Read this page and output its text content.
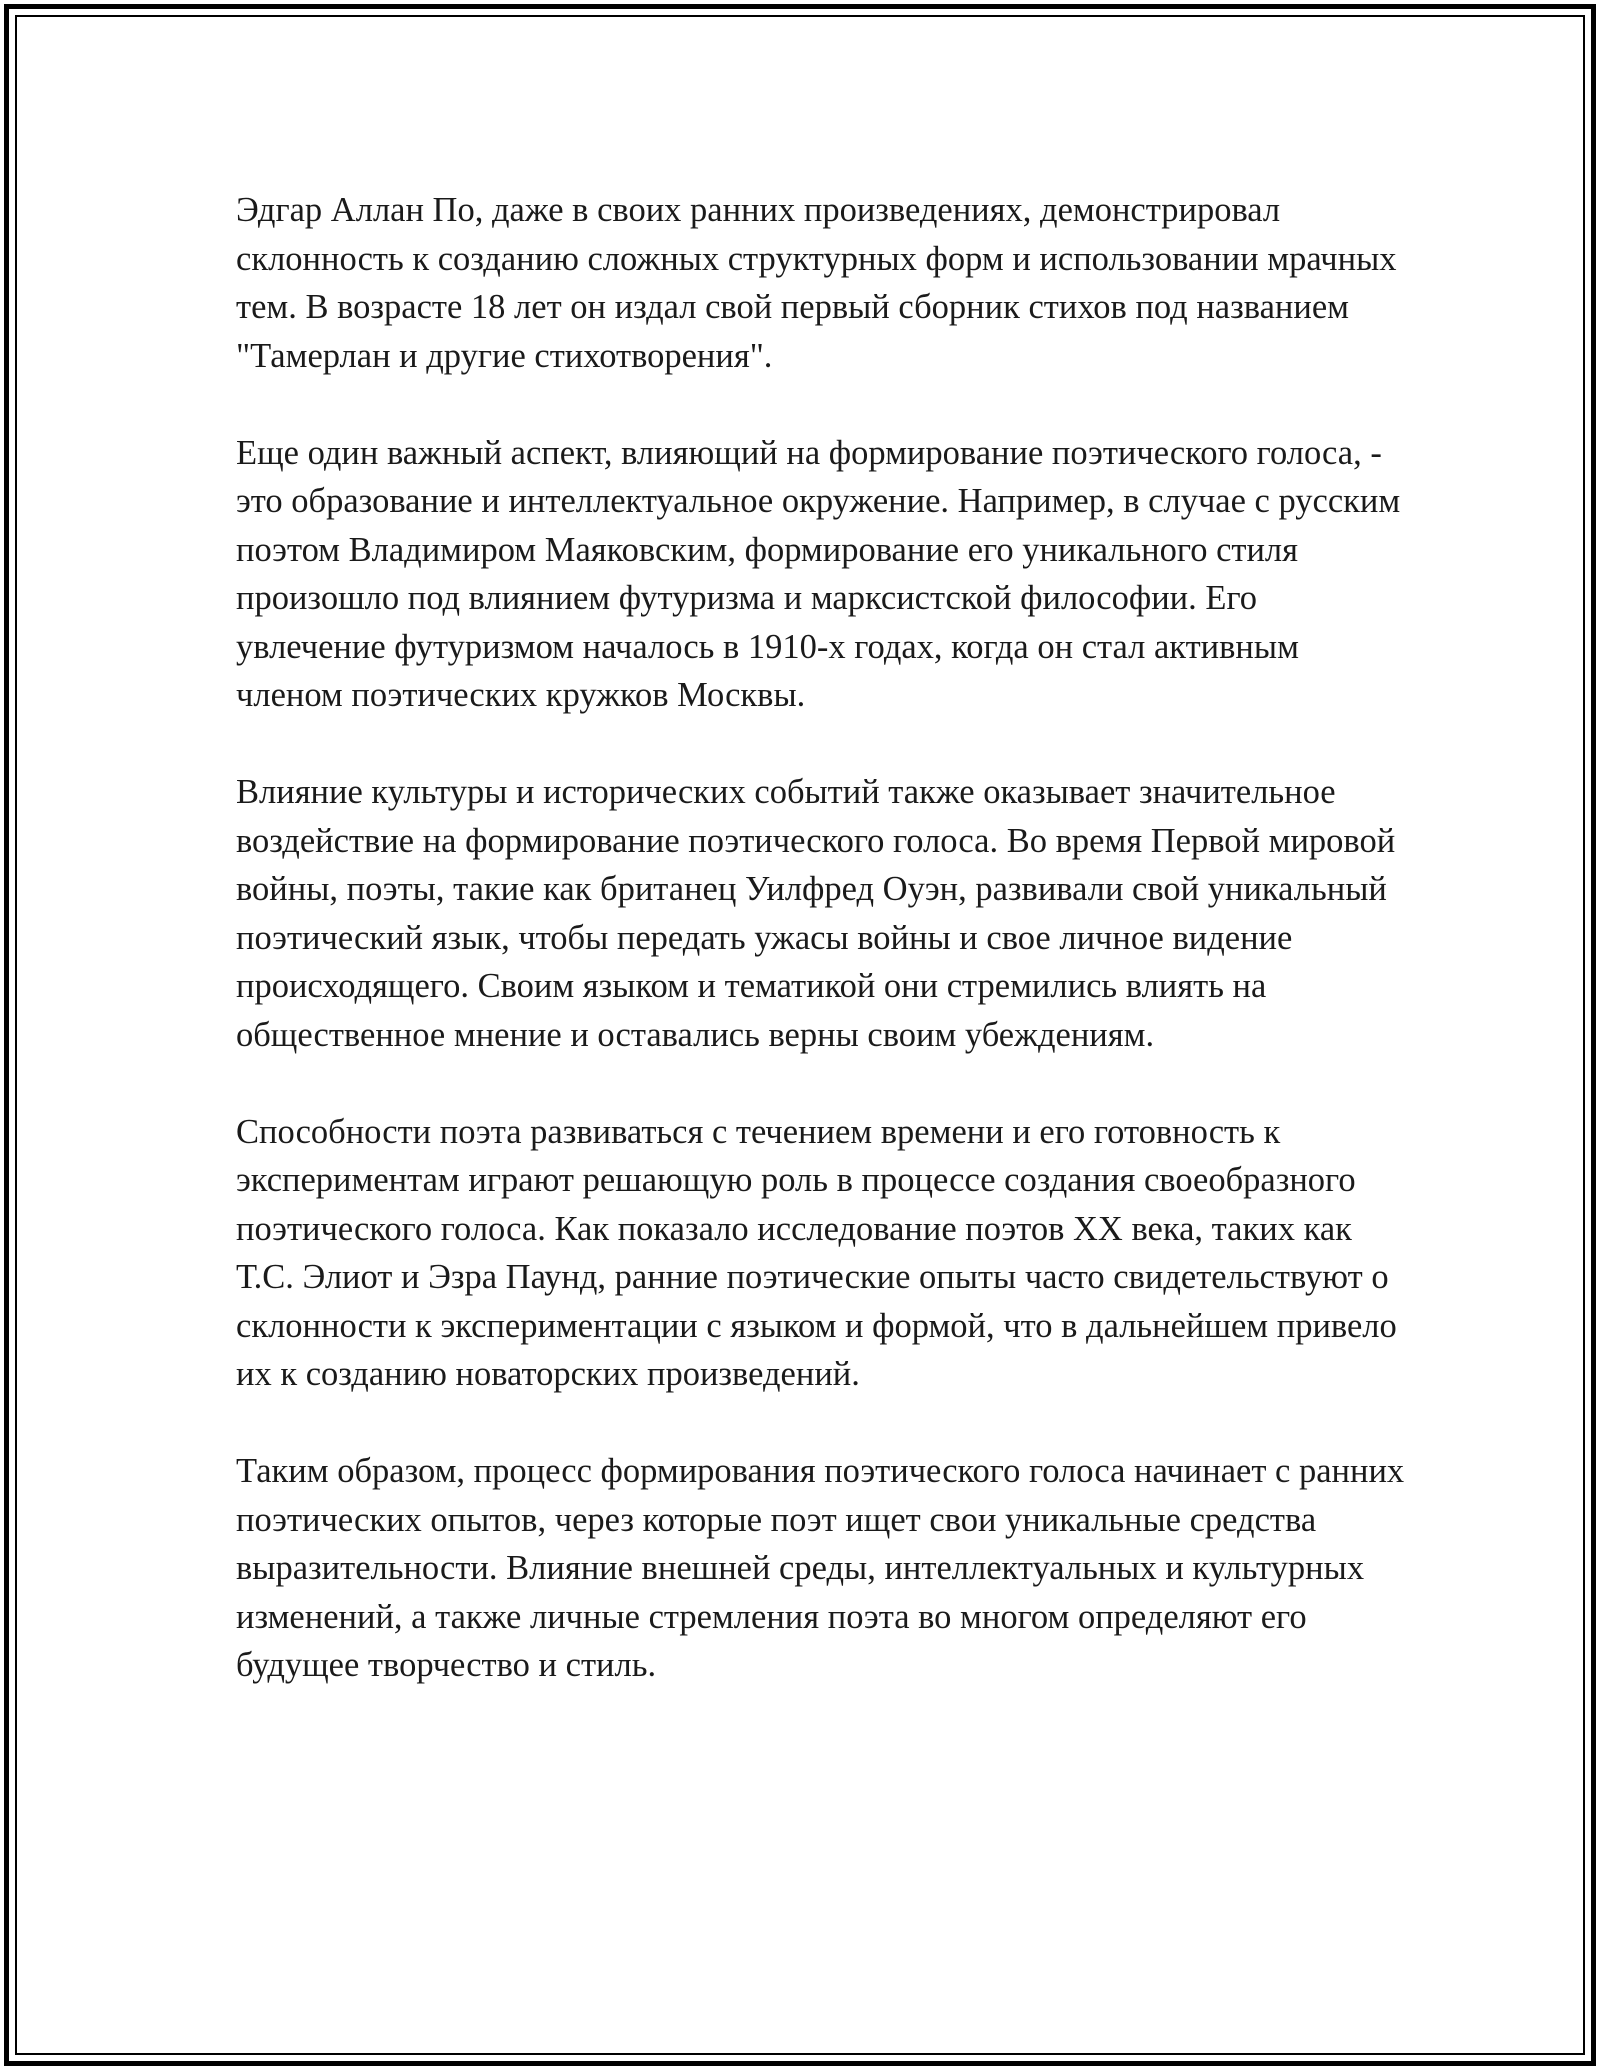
Эдгар Аллан По, даже в своих ранних произведениях, демонстрировал склонность к созданию сложных структурных форм и использовании мрачных тем. В возрасте 18 лет он издал свой первый сборник стихов под названием "Тамерлан и другие стихотворения".

Еще один важный аспект, влияющий на формирование поэтического голоса, - это образование и интеллектуальное окружение. Например, в случае с русским поэтом Владимиром Маяковским, формирование его уникального стиля произошло под влиянием футуризма и марксистской философии. Его увлечение футуризмом началось в 1910-х годах, когда он стал активным членом поэтических кружков Москвы.

Влияние культуры и исторических событий также оказывает значительное воздействие на формирование поэтического голоса. Во время Первой мировой войны, поэты, такие как британец Уилфред Оуэн, развивали свой уникальный поэтический язык, чтобы передать ужасы войны и свое личное видение происходящего. Своим языком и тематикой они стремились влиять на общественное мнение и оставались верны своим убеждениям.

Способности поэта развиваться с течением времени и его готовность к экспериментам играют решающую роль в процессе создания своеобразного поэтического голоса. Как показало исследование поэтов XX века, таких как Т.С. Элиот и Эзра Паунд, ранние поэтические опыты часто свидетельствуют о склонности к экспериментации с языком и формой, что в дальнейшем привело их к созданию новаторских произведений.

Таким образом, процесс формирования поэтического голоса начинает с ранних поэтических опытов, через которые поэт ищет свои уникальные средства выразительности. Влияние внешней среды, интеллектуальных и культурных изменений, а также личные стремления поэта во многом определяют его будущее творчество и стиль.
